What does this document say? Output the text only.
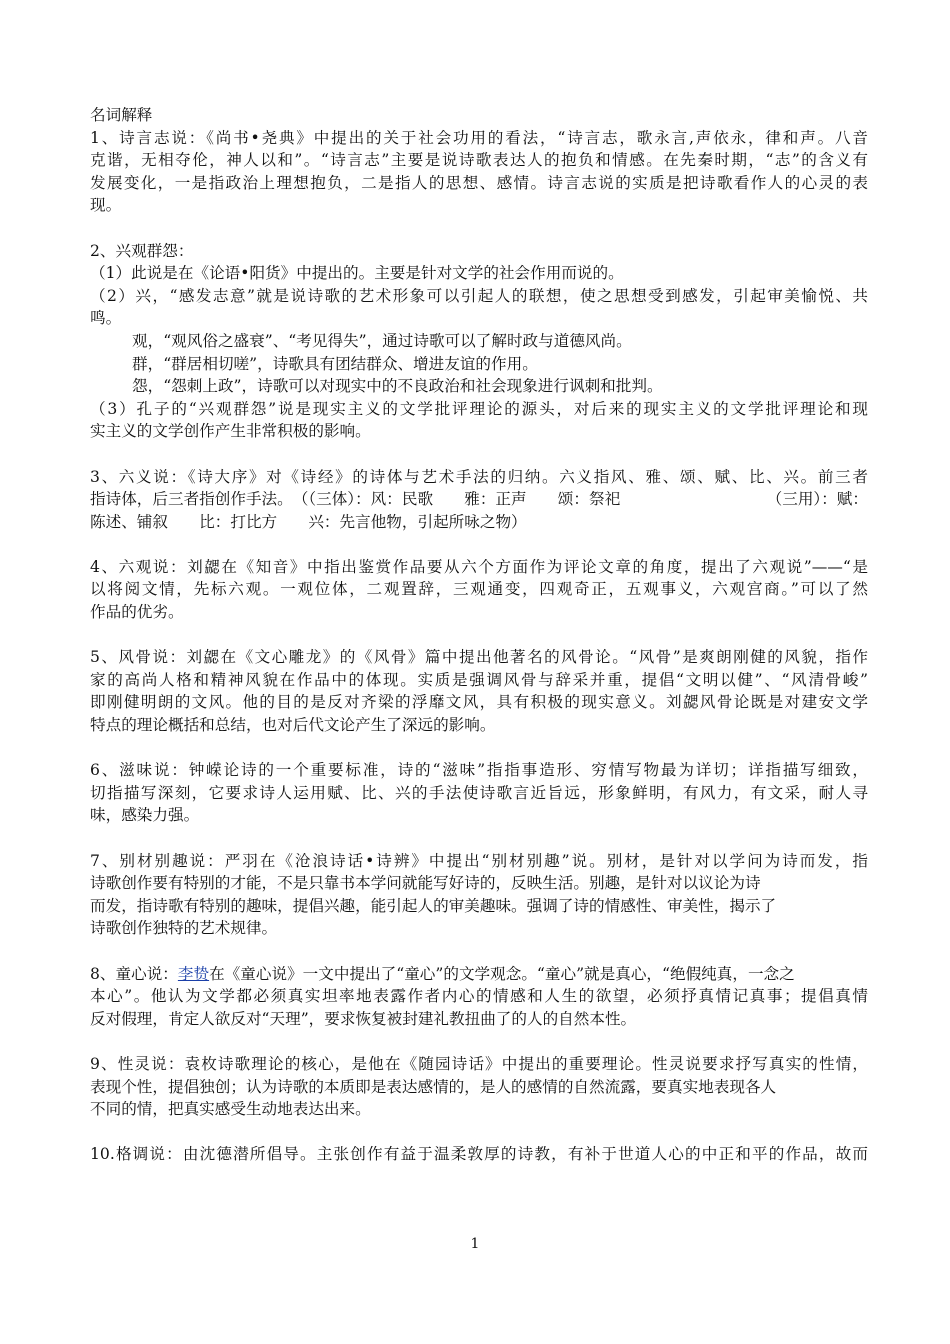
名词解释
1、诗言志说：《尚书•尧典》中提出的关于社会功用的看法，“诗言志，歌永言,声依永，律和声。八音
克谐，无相夺伦，神人以和”。“诗言志”主要是说诗歌表达人的抱负和情感。在先秦时期，“志”的含义有
发展变化，一是指政治上理想抱负，二是指人的思想、感情。诗言志说的实质是把诗歌看作人的心灵的表
现。
2、兴观群怨：
（1）此说是在《论语•阳货》中提出的。主要是针对文学的社会作用而说的。
（2）兴，“感发志意”就是说诗歌的艺术形象可以引起人的联想，使之思想受到感发，引起审美愉悦、共
鸣。
观，“观风俗之盛衰”、“考见得失”，通过诗歌可以了解时政与道德风尚。
群，“群居相切嗟”，诗歌具有团结群众、增进友谊的作用。
怨，“怨刺上政”，诗歌可以对现实中的不良政治和社会现象进行讽刺和批判。
（3）孔子的“兴观群怨”说是现实主义的文学批评理论的源头，对后来的现实主义的文学批评理论和现
实主义的文学创作产生非常积极的影响。
3、六义说：《诗大序》对《诗经》的诗体与艺术手法的归纳。六义指风、雅、颂、赋、比、兴。前三者
指诗体，后三者指创作手法。　（（三体）：风：民歌　　雅：正声　　颂：祭祀	（三用）：赋：
陈述、铺叙　　比：打比方　　兴：先言他物，引起所咏之物）
4、六观说：刘勰在《知音》中指出鉴赏作品要从六个方面作为评论文章的角度，提出了六观说”——“是
以将阅文情，先标六观。一观位体，二观置辞，三观通变，四观奇正，五观事义，六观宫商。”可以了然
作品的优劣。
5、风骨说：刘勰在《文心雕龙》的《风骨》篇中提出他著名的风骨论。“风骨”是爽朗刚健的风貌，指作
家的高尚人格和精神风貌在作品中的体现。实质是强调风骨与辞采并重，提倡“文明以健”、“风清骨峻”
即刚健明朗的文风。他的目的是反对齐梁的浮靡文风，具有积极的现实意义。刘勰风骨论既是对建安文学
特点的理论概括和总结，也对后代文论产生了深远的影响。
6、滋味说：钟嵘论诗的一个重要标准，诗的“滋味”指指事造形、穷情写物最为详切；详指描写细致，
切指描写深刻，它要求诗人运用赋、比、兴的手法使诗歌言近旨远，形象鲜明，有风力，有文采，耐人寻
味，感染力强。
7、别材别趣说：严羽在《沧浪诗话•诗辨》中提出“别材别趣”说。别材，是针对以学问为诗而发，指
诗歌创作要有特别的才能，不是只靠书本学问就能写好诗的，反映生活。别趣，是针对以议论为诗
而发，指诗歌有特别的趣味，提倡兴趣，能引起人的审美趣味。强调了诗的情感性、审美性，揭示了
诗歌创作独特的艺术规律。
8、童心说：李贽在《童心说》一文中提出了“童心”的文学观念。“童心”就是真心，“绝假纯真，一念之
本心”。他认为文学都必须真实坦率地表露作者内心的情感和人生的欲望，必须抒真情记真事；提倡真情
反对假理，肯定人欲反对“天理”，要求恢复被封建礼教扭曲了的人的自然本性。
9、性灵说：袁枚诗歌理论的核心，是他在《随园诗话》中提出的重要理论。性灵说要求抒写真实的性情，
表现个性，提倡独创；认为诗歌的本质即是表达感情的，是人的感情的自然流露，要真实地表现各人
不同的情，把真实感受生动地表达出来。
10.格调说：由沈德潜所倡导。主张创作有益于温柔敦厚的诗教，有补于世道人心的中正和平的作品，故而
1
